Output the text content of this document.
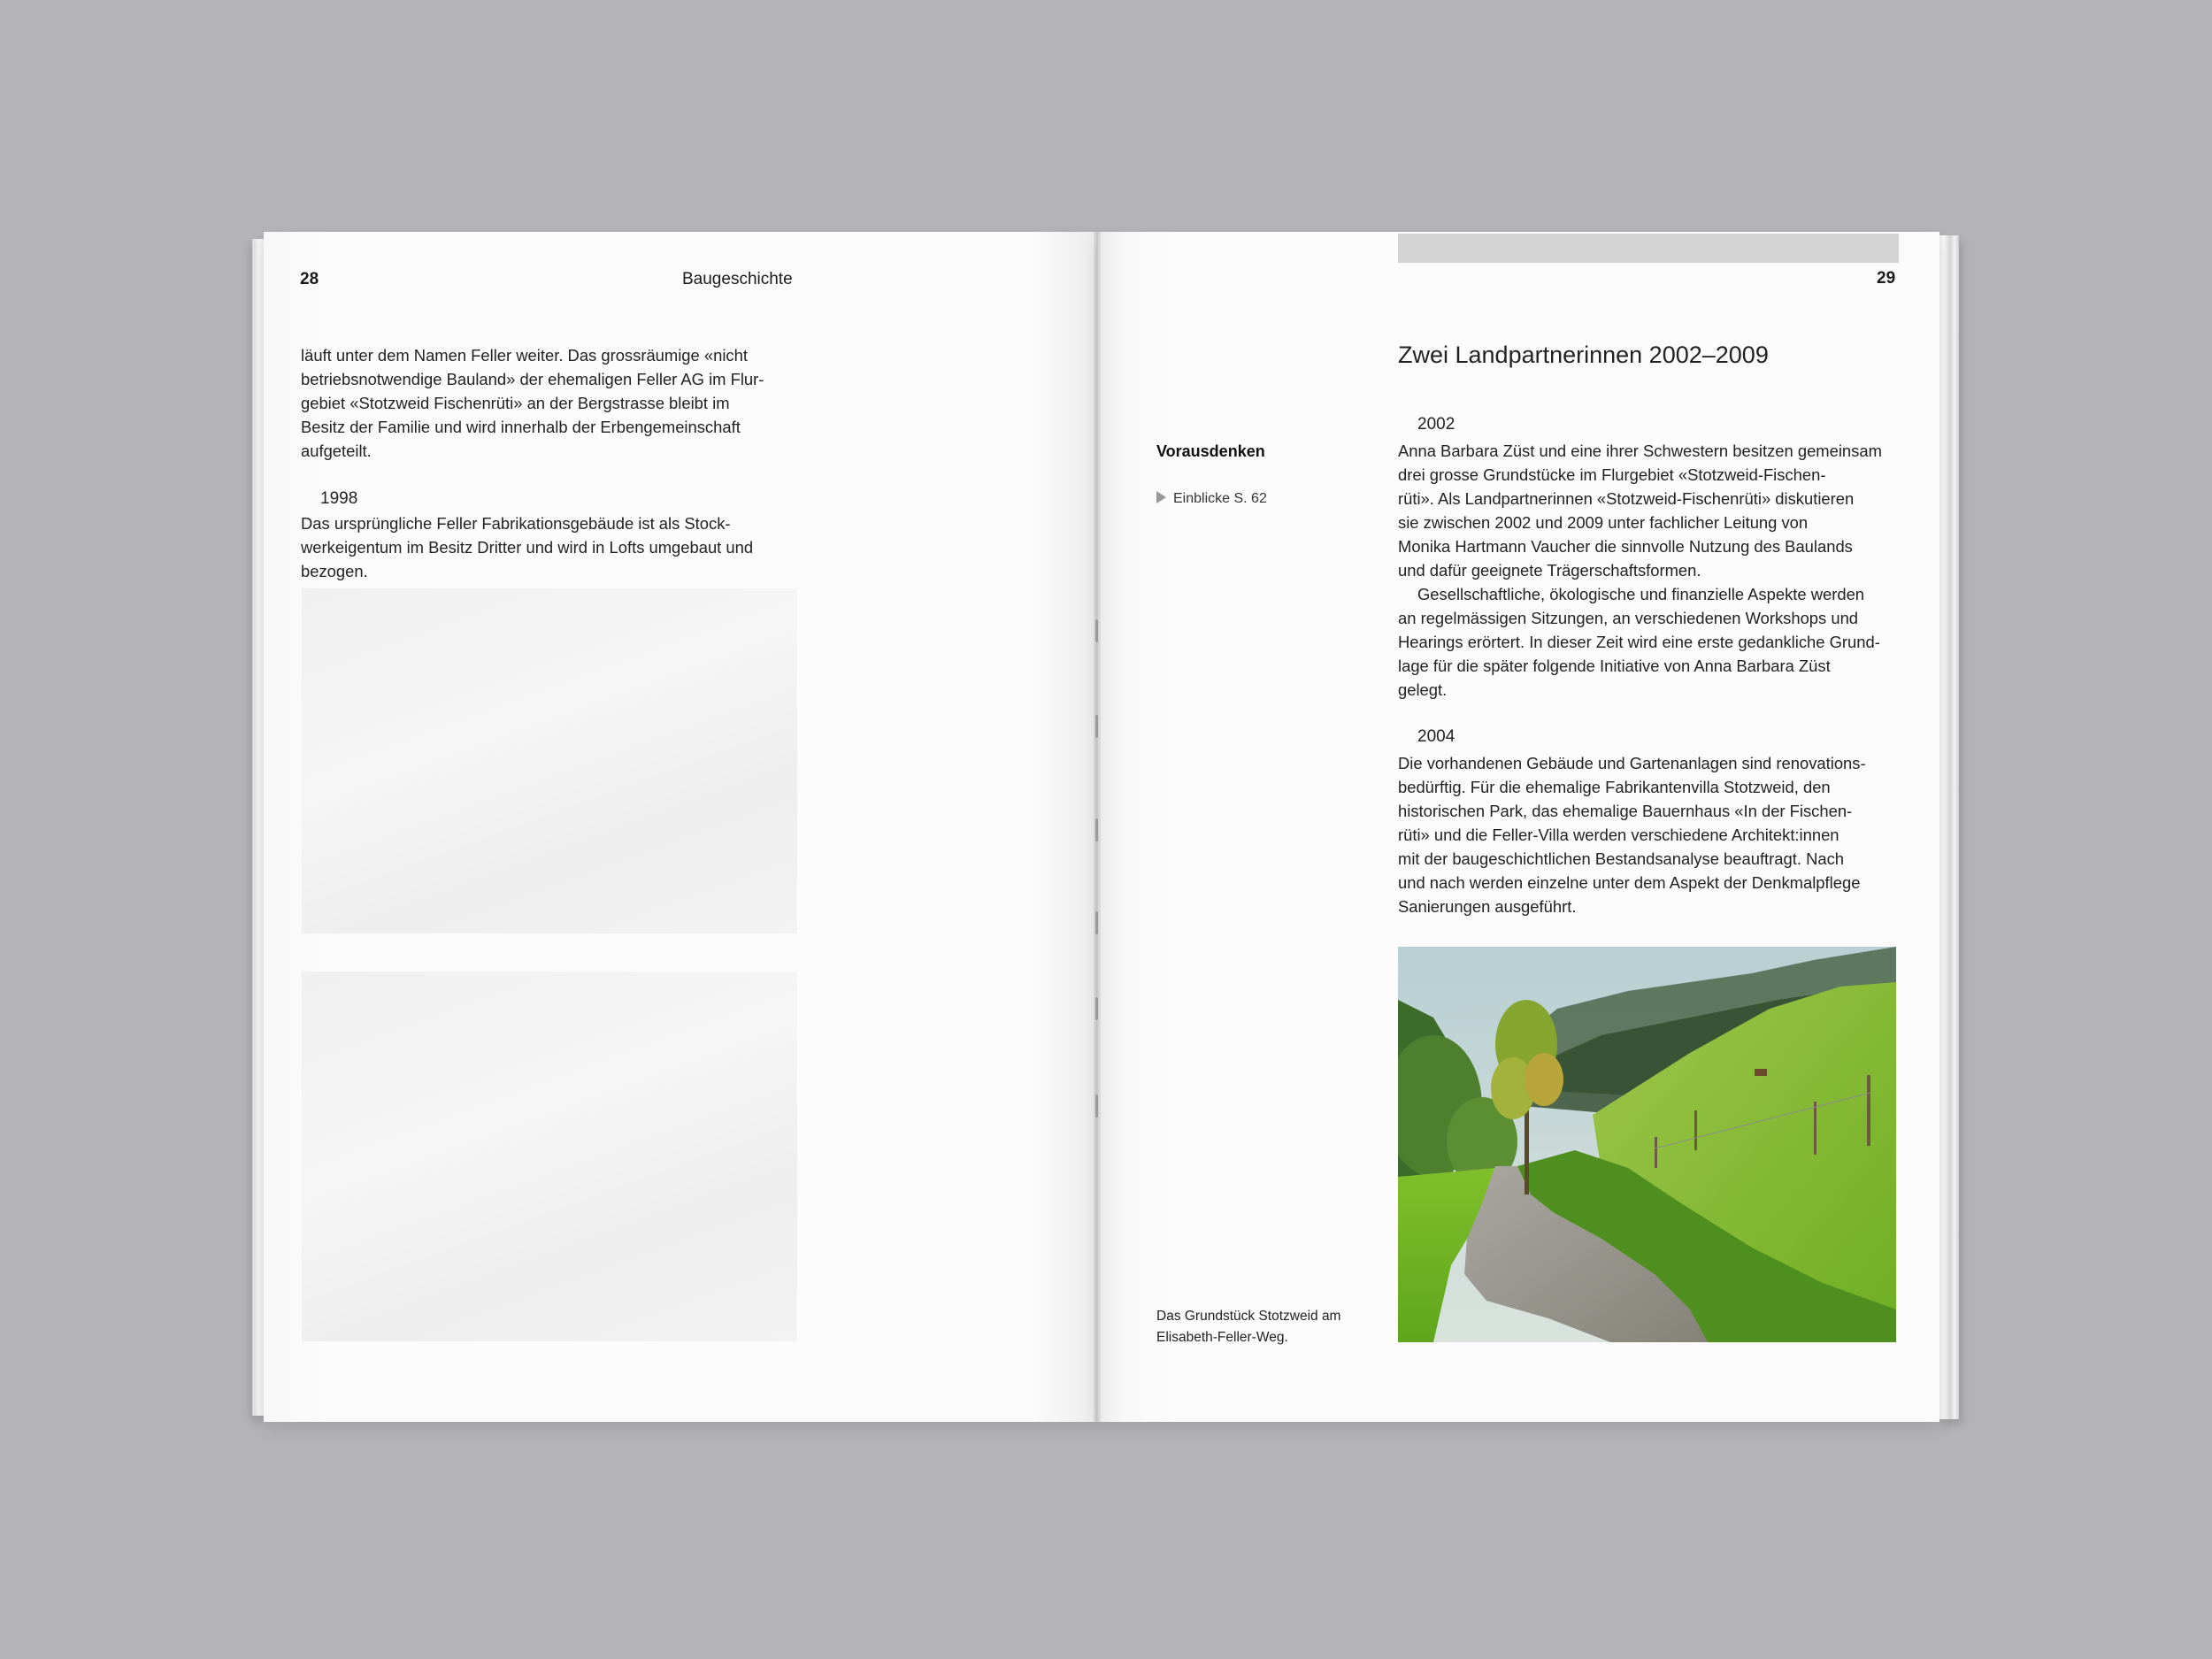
28	Baugeschichte
läuft unter dem Namen Feller weiter. Das grossräumige «nicht
betriebsnotwendige Bauland» der ehemaligen Feller AG im Flur-
gebiet «Stotzweid Fischenrüti» an der Bergstrasse bleibt im
Besitz der Familie und wird innerhalb der Erbengemeinschaft
aufgeteilt.
1998
Das ursprüngliche Feller Fabrikationsgebäude ist als Stock-
werkeigentum im Besitz Dritter und wird in Lofts umgebaut und
bezogen.
29
Zwei Landpartnerinnen 2002–2009
Vorausdenken
Einblicke S. 62
2002
Anna Barbara Züst und eine ihrer Schwestern besitzen gemeinsam
drei grosse Grundstücke im Flurgebiet «Stotzweid-Fischen-
rüti». Als Landpartnerinnen «Stotzweid-Fischenrüti» diskutieren
sie zwischen 2002 und 2009 unter fachlicher Leitung von
Monika Hartmann Vaucher die sinnvolle Nutzung des Baulands
und dafür geeignete Trägerschaftsformen.
Gesellschaftliche, ökologische und finanzielle Aspekte werden
an regelmässigen Sitzungen, an verschiedenen Workshops und
Hearings erörtert. In dieser Zeit wird eine erste gedankliche Grund-
lage für die später folgende Initiative von Anna Barbara Züst
gelegt.
2004
Die vorhandenen Gebäude und Gartenanlagen sind renovations-
bedürftig. Für die ehemalige Fabrikantenvilla Stotzweid, den
historischen Park, das ehemalige Bauernhaus «In der Fischen-
rüti» und die Feller-Villa werden verschiedene Architekt:innen
mit der baugeschichtlichen Bestandsanalyse beauftragt. Nach
und nach werden einzelne unter dem Aspekt der Denkmalpflege
Sanierungen ausgeführt.
Das Grundstück Stotzweid am
Elisabeth-Feller-Weg.
